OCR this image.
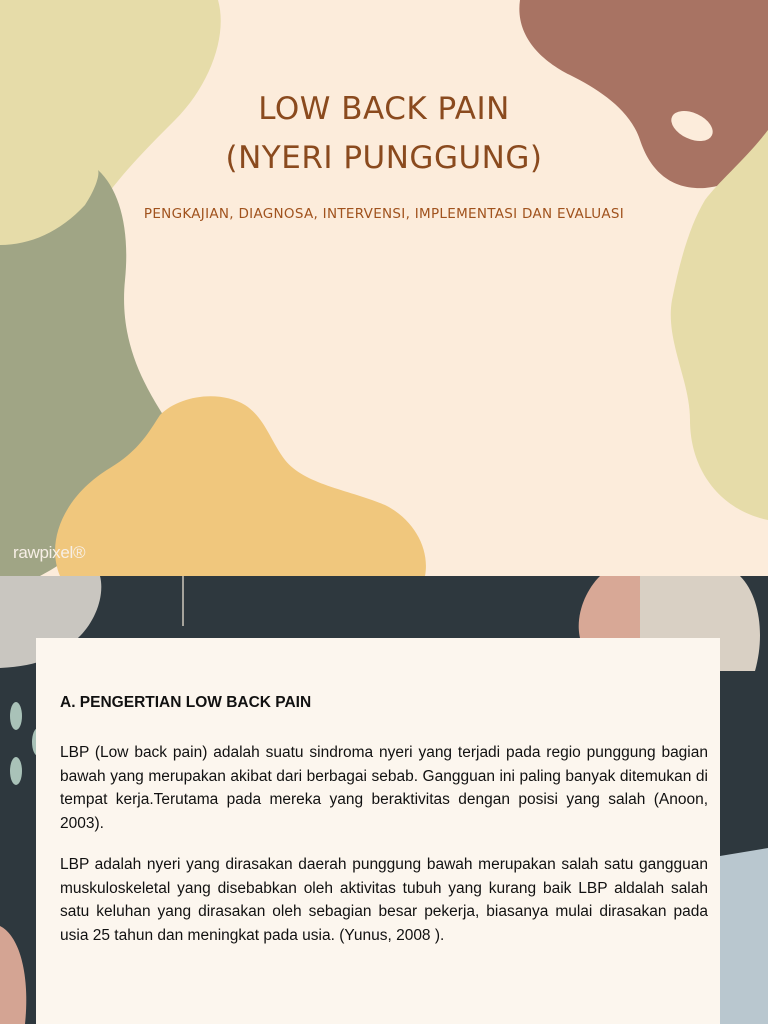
LOW BACK PAIN
(NYERI PUNGGUNG)
PENGKAJIAN, DIAGNOSA, INTERVENSI, IMPLEMENTASI DAN EVALUASI
rawpixel®
A. PENGERTIAN LOW BACK PAIN
LBP (Low back pain) adalah suatu sindroma nyeri yang terjadi pada regio punggung bagian bawah yang merupakan akibat dari berbagai sebab. Gangguan ini paling banyak ditemukan di tempat kerja.Terutama pada mereka yang beraktivitas dengan posisi yang salah (Anoon, 2003).
LBP adalah nyeri yang dirasakan daerah punggung bawah merupakan salah satu gangguan muskuloskeletal yang disebabkan oleh aktivitas tubuh yang kurang baik LBP aldalah salah satu keluhan yang dirasakan oleh sebagian besar pekerja, biasanya mulai dirasakan pada usia 25 tahun dan meningkat pada usia. (Yunus, 2008 ).
